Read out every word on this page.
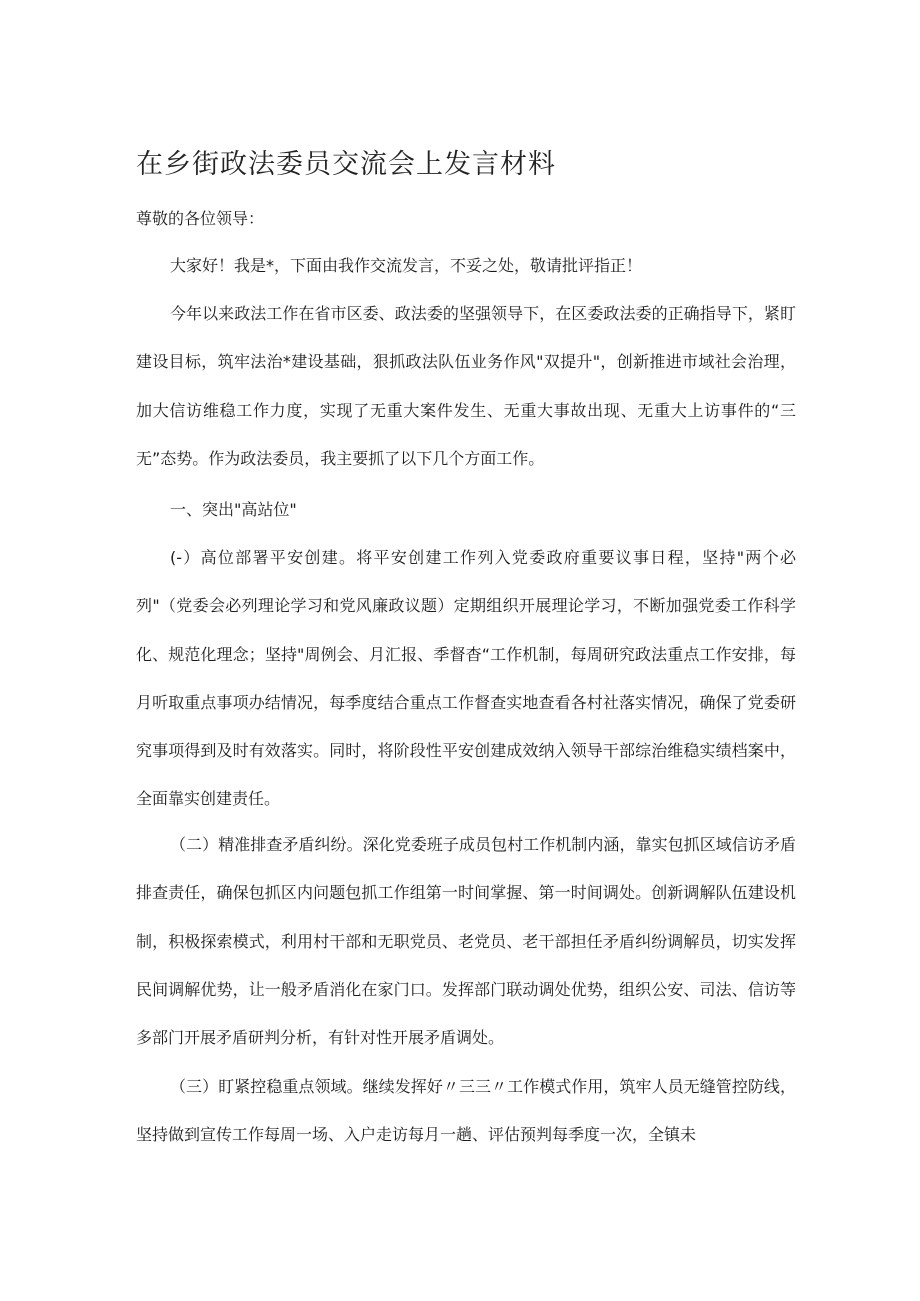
在乡街政法委员交流会上发言材料
尊敬的各位领导：

大家好！我是*，下面由我作交流发言，不妥之处，敬请批评指正！

今年以来政法工作在省市区委、政法委的坚强领导下，在区委政法委的正确指导下，紧盯建设目标，筑牢法治*建设基础，狠抓政法队伍业务作风"双提升"，创新推进市域社会治理，加大信访维稳工作力度，实现了无重大案件发生、无重大事故出现、无重大上访事件的“三无”态势。作为政法委员，我主要抓了以下几个方面工作。

一、突出"高站位"

(-）高位部署平安创建。将平安创建工作列入党委政府重要议事日程，坚持"两个必列"（党委会必列理论学习和党风廉政议题）定期组织开展理论学习，不断加强党委工作科学化、规范化理念；坚持"周例会、月汇报、季督杳“工作机制，每周研究政法重点工作安排，每月听取重点事项办结情况，每季度结合重点工作督查实地查看各村社落实情况，确保了党委研究事项得到及时有效落实。同时，将阶段性平安创建成效纳入领导干部综治维稳实绩档案中，全面靠实创建责任。

（二）精准排查矛盾纠纷。深化党委班子成员包村工作机制内涵，靠实包抓区域信访矛盾排查责任，确保包抓区内问题包抓工作组第一时间掌握、第一时间调处。创新调解队伍建设机制，积极探索模式，利用村干部和无职党员、老党员、老干部担任矛盾纠纷调解员，切实发挥民间调解优势，让一般矛盾消化在家门口。发挥部门联动调处优势，组织公安、司法、信访等多部门开展矛盾研判分析，有针对性开展矛盾调处。

（三）盯紧控稳重点领域。继续发挥好〃三三〃工作模式作用，筑牢人员无缝管控防线，坚持做到宣传工作每周一场、入户走访每月一趟、评估预判每季度一次，全镇未
